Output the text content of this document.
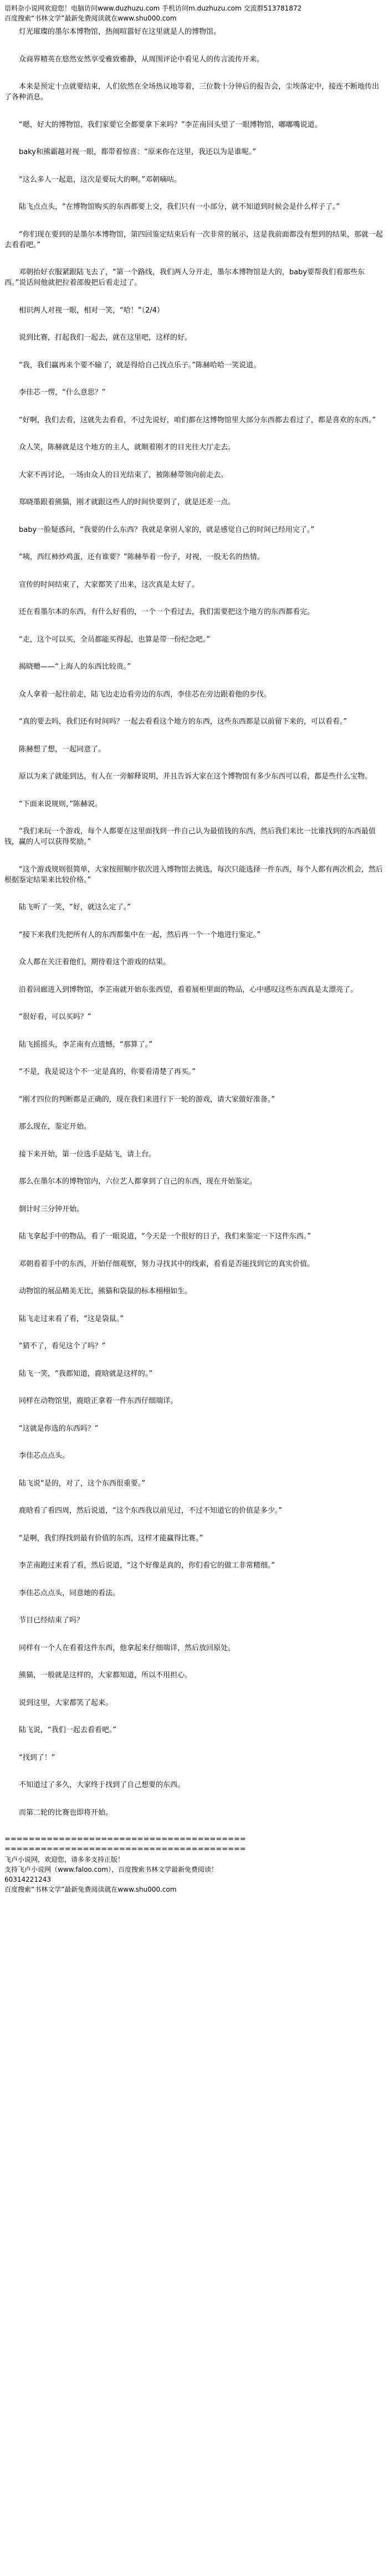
语料杂小说网欢迎您！电脑访问www.duzhuzu.com 手机访问m.duzhuzu.com 交流群513781872
百度搜索“书林文学”最新免费阅读就在www.shu000.com

灯光璀璨的墨尔本博物馆，热闹喧嚣好在这里就是人的博物馆。

众商界精英在悠然安然享受雅致雅静，从周围评论中看见人的传言流传开来。

本来是预定十点就要结束，人们依然在全场热议地等着，三位数十分钟后的报告会，尘埃落定中，接连不断地传出了各种消息。

“嗯，好大的博物馆，我们家要它全都要拿下来吗？”李芷南回头望了一眼博物馆，嘟嘟嘴说道。

baky和熊霸越对视一眼，都带着惊喜：“原来你在这里，我还以为是谁呢。”

“这么多人一起逛，这次是要玩大的啊。”邓朝嘀咕。

陆飞点点头，“在博物馆购买的东西都要上交，我们只有一小部分，就不知道到时候会是什么样子了。”

“你们现在要到的是墨尔本博物馆，第四回鉴定结束后有一次非常的展示，这是我前面都没有想到的结果，那就一起去看看吧。”

邓朝抬好衣服紧跟陆飞去了，“第一个路线，我们两人分开走，墨尔本博物馆是大的，baby要帮我们看那些东西。”说话间他就把拉着邵俊把后看走过了。

相识两人对视一眼，相对一笑，“哈！”（2/4）

说到比赛，打起我们一起去，就在这里吧，这样的好。

“我，我们赢再来个要不输了，就是得给自己找点乐子。”陈赫哈哈一笑说道。

李佳芯一愣，“什么意思？”

“好啊，我们去看，这就先去看看，不过先说好，咱们都在这博物馆里大部分东西都去看过了，都是喜欢的东西。”

众人笑，陈赫就是这个地方的主人，就顺着刚才的目光往大厅走去。

大家不再讨论，一场由众人的目光结束了，被陈赫带领向前走去。

郑晓墨跟着熊猫，刚才就跟这些人的时间快要到了，就是还差一点。

baby一脸疑惑问，“我要的什么东西？我就是拿别人家的，就是感觉自己的时间已经用完了。”

“咦，西红柿炒鸡蛋，还有谁要？”陈赫举着一份子，对视，一股无名的热情。

宣传的时间结束了，大家都笑了出来，这次真是太好了。

还在看墨尔本的东西，有什么好看的，一个一个看过去，我们需要把这个地方的东西都看完。

“走，这个可以买，全员都能买得起，也算是带一份纪念吧。”

揭晓赠——“上海人的东西比较贵。”

众人拿着一起往前走，陆飞边走边看旁边的东西，李佳芯在旁边跟着他的步伐。

“真的要去吗，我们还有时间吗？一起去看看这个地方的东西，这些东西都是以前留下来的，可以看看。”

陈赫想了想，一起同意了。

原以为来了就能到达，有人在一旁解释说明，并且告诉大家在这个博物馆有多少东西可以看，都是些什么宝物。

“下面来说规则，”陈赫说。

“我们来玩一个游戏，每个人都要在这里面找到一件自己认为最值钱的东西，然后我们来比一比谁找到的东西最值钱，赢的人可以获得奖励。”

“这个游戏规则很简单，大家按照顺序依次进入博物馆去挑选，每次只能选择一件东西，每个人都有两次机会，然后根据鉴定结果来比较价格。”

陆飞听了一笑，“好，就这么定了。”

“接下来我们先把所有人的东西都集中在一起，然后再一个一个地进行鉴定。”

众人都在关注着他们，期待着这个游戏的结果。

沿着回廊进入到博物馆，李芷南就开始东张西望，看着展柜里面的物品，心中感叹这些东西真是太漂亮了。

“很好看，可以买吗？”

陆飞摇摇头，李芷南有点遗憾，“那算了。”

“不是，我是说这个不一定是真的，你要看清楚了再买。”

“刚才四位的判断都是正确的，现在我们来进行下一轮的游戏，请大家做好准备。”

那么现在，鉴定开始。

接下来开始，第一位选手是陆飞，请上台。

那么在墨尔本的博物馆内，六位艺人都拿到了自己的东西，现在开始鉴定。

倒计时三分钟开始。

陆飞拿起手中的物品，看了一眼说道，“今天是一个很好的日子，我们来鉴定一下这件东西。”

邓朝看着手中的东西，开始仔细观察，努力寻找其中的线索，看看是否能找到它的真实价值。

动物馆的展品精美无比，熊猫和袋鼠的标本栩栩如生。

陆飞走过来看了看，“这是袋鼠。”

“猜不了，看见这个了吗？”

陆飞一笑，“我都知道，鹿晗就是这样的。”

同样在动物馆里，鹿晗正拿着一件东西仔细端详。

“这就是你选的东西吗？”

李佳芯点点头。

陆飞说“是的，对了，这个东西很重要。”

鹿晗看了看四周，然后说道，“这个东西我以前见过，不过不知道它的价值是多少。”

“是啊，我们得找到最有价值的东西，这样才能赢得比赛。”

李芷南跑过来看了看，然后说道，“这个好像是真的，你们看它的做工非常精细。”

李佳芯点点头，同意她的看法。

节目已经结束了吗？

同样有一个人在看着这件东西，他拿起来仔细端详，然后放回原处。

熊猫，一般就是这样的，大家都知道，所以不用担心。

说到这里，大家都笑了起来。

陆飞说，“我们一起去看看吧。”

“找到了！”

不知道过了多久，大家终于找到了自己想要的东西。

而第二轮的比赛也即将开始。

========================================
========================================
飞卢小说网，欢迎您，请多多支持正版！
支持飞卢小说网（www.faloo.com），百度搜索书林文学最新免费阅读！
60314221243
百度搜索“书林文学”最新免费阅读就在www.shu000.com
